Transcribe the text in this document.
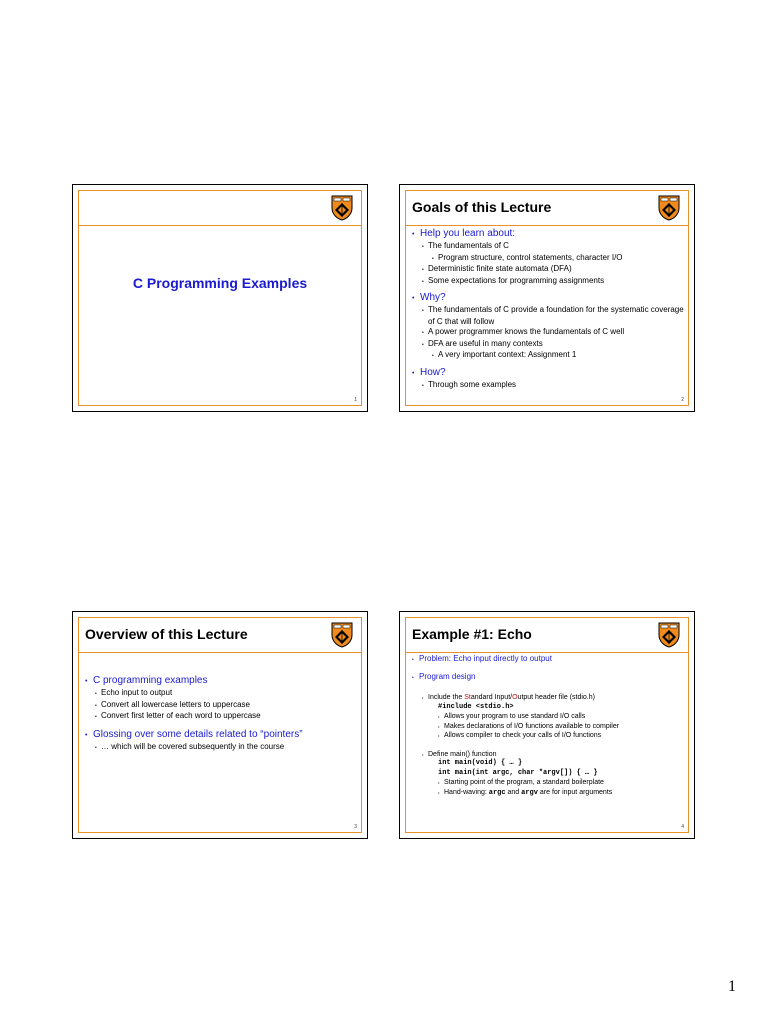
C Programming Examples
1
Goals of this Lecture
• Help you learn about:
• The fundamentals of C
• Program structure, control statements, character I/O
• Deterministic finite state automata (DFA)
• Some expectations for programming assignments
• Why?
• The fundamentals of C provide a foundation for the systematic coverage of C that will follow
• A power programmer knows the fundamentals of C well
• DFA are useful in many contexts
• A very important context: Assignment 1
• How?
• Through some examples
2
Overview of this Lecture
• C programming examples
• Echo input to output
• Convert all lowercase letters to uppercase
• Convert first letter of each word to uppercase
• Glossing over some details related to “pointers”
• … which will be covered subsequently in the course
3
Example #1: Echo
• Problem: Echo input directly to output
• Program design
• Include the Standard Input/Output header file (stdio.h)
#include <stdio.h>
• Allows your program to use standard I/O calls
• Makes declarations of I/O functions available to compiler
• Allows compiler to check your calls of I/O functions
• Define main() function
int main(void) { … }
int main(int argc, char *argv[]) { … }
• Starting point of the program, a standard boilerplate
• Hand-waving: argc and argv are for input arguments
4
1
